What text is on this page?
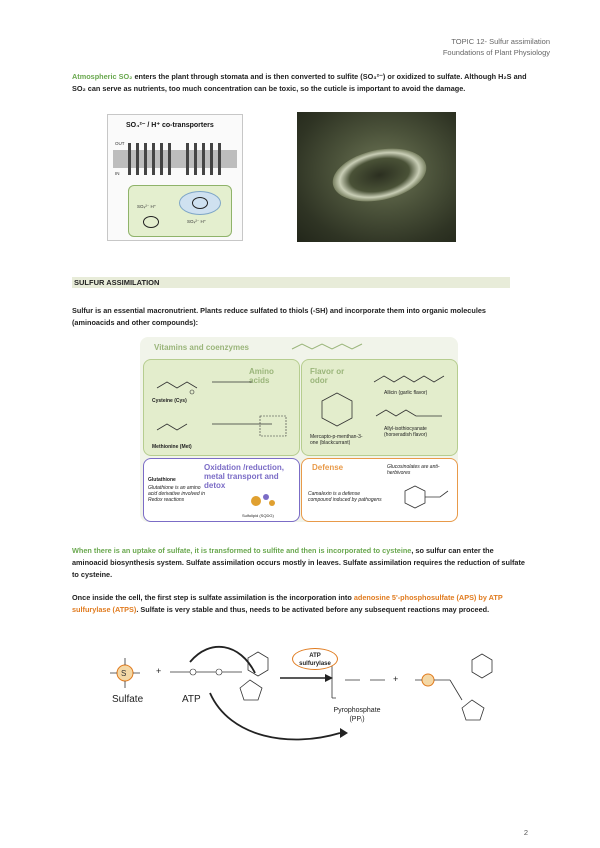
TOPIC 12- Sulfur assimilation
Foundations of Plant Physiology
Atmospheric SO₂ enters the plant through stomata and is then converted to sulfite (SO₃²⁻) or oxidized to sulfate. Although H₂S and SO₂ can serve as nutrients, too much concentration can be toxic, so the cuticle is important to avoid the damage.
SO₄²⁻ / H⁺ co-transporters
OUT
IN
SO₄²⁻ H⁺
SO₄²⁻ H⁺
SULFUR ASSIMILATION
Sulfur is an essential macronutrient. Plants reduce sulfated to thiols (-SH) and incorporate them into organic molecules (aminoacids and other compounds):
Vitamins and coenzymes
Amino acids
Cysteine (Cys)
Methionine (Met)
Flavor or odor
Mercapto-p-menthan-3-one (blackcurrant)
Allicin (garlic flavor)
Allyl-isothiocyanate (horseradish flavor)
Oxidation /reduction, metal transport and detox
Glutathione
Glutathione is an amino acid derivative involved in Redox reactions
Sulfolipid (SQDG)
Defense	Glucosinolates are anti-herbivores
Camalexin is a defense compound induced by pathogens
When there is an uptake of sulfate, it is transformed to sulfite and then is incorporated to cysteine, so sulfur can enter the aminoacid biosynthesis system. Sulfate assimilation occurs mostly in leaves. Sulfate assimilation requires the reduction of sulfate to cysteine.
Once inside the cell, the first step is sulfate assimilation is the incorporation into adenosine 5'-phosphosulfate (APS) by ATP sulfurylase (ATPS). Sulfate is very stable and thus, needs to be activated before any subsequent reactions may proceed.
S
Sulfate
+
ATP
ATP sulfurylase
Pyrophosphate (PPᵢ)
+
2
